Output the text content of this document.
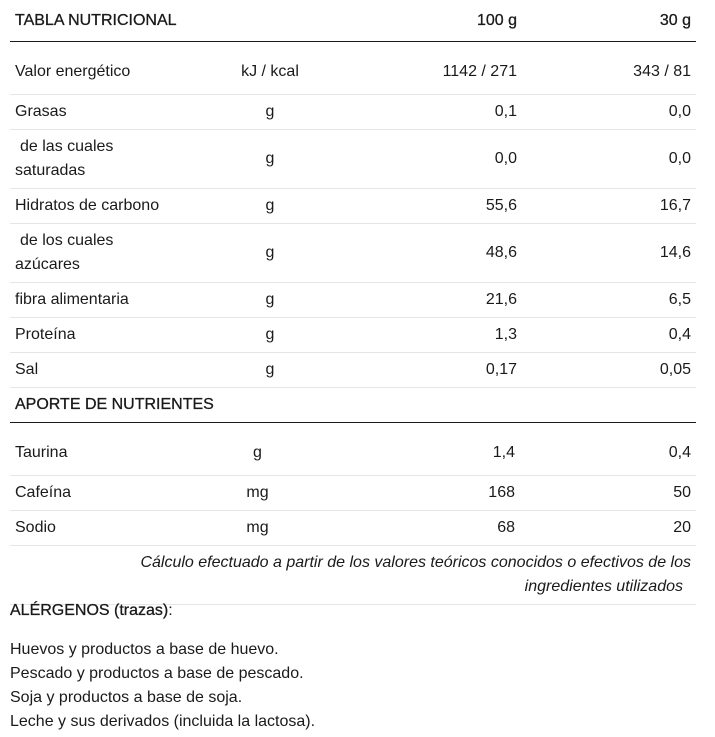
TABLA NUTRICIONAL		100 g	30 g
Valor energético	kJ / kcal	1142 / 271	343 / 81
Grasas	g	0,1	0,0

de las cuales
saturadas	g	0,0	0,0
Hidratos de carbono	g	55,6	16,7

de los cuales
azúcares	g	48,6	14,6
fibra alimentaria	g	21,6	6,5
Proteína	g	1,3	0,4
Sal	g	0,17	0,05
APORTE DE NUTRIENTES			
Taurina	g	1,4	0,4
Cafeína	mg	168	50
Sodio	mg	68	20

Cálculo efectuado a partir de los valores teóricos conocidos o efectivos de los
ingredientes utilizados			
ALÉRGENOS (trazas):
Huevos y productos a base de huevo.
Pescado y productos a base de pescado.
Soja y productos a base de soja.
Leche y sus derivados (incluida la lactosa).
